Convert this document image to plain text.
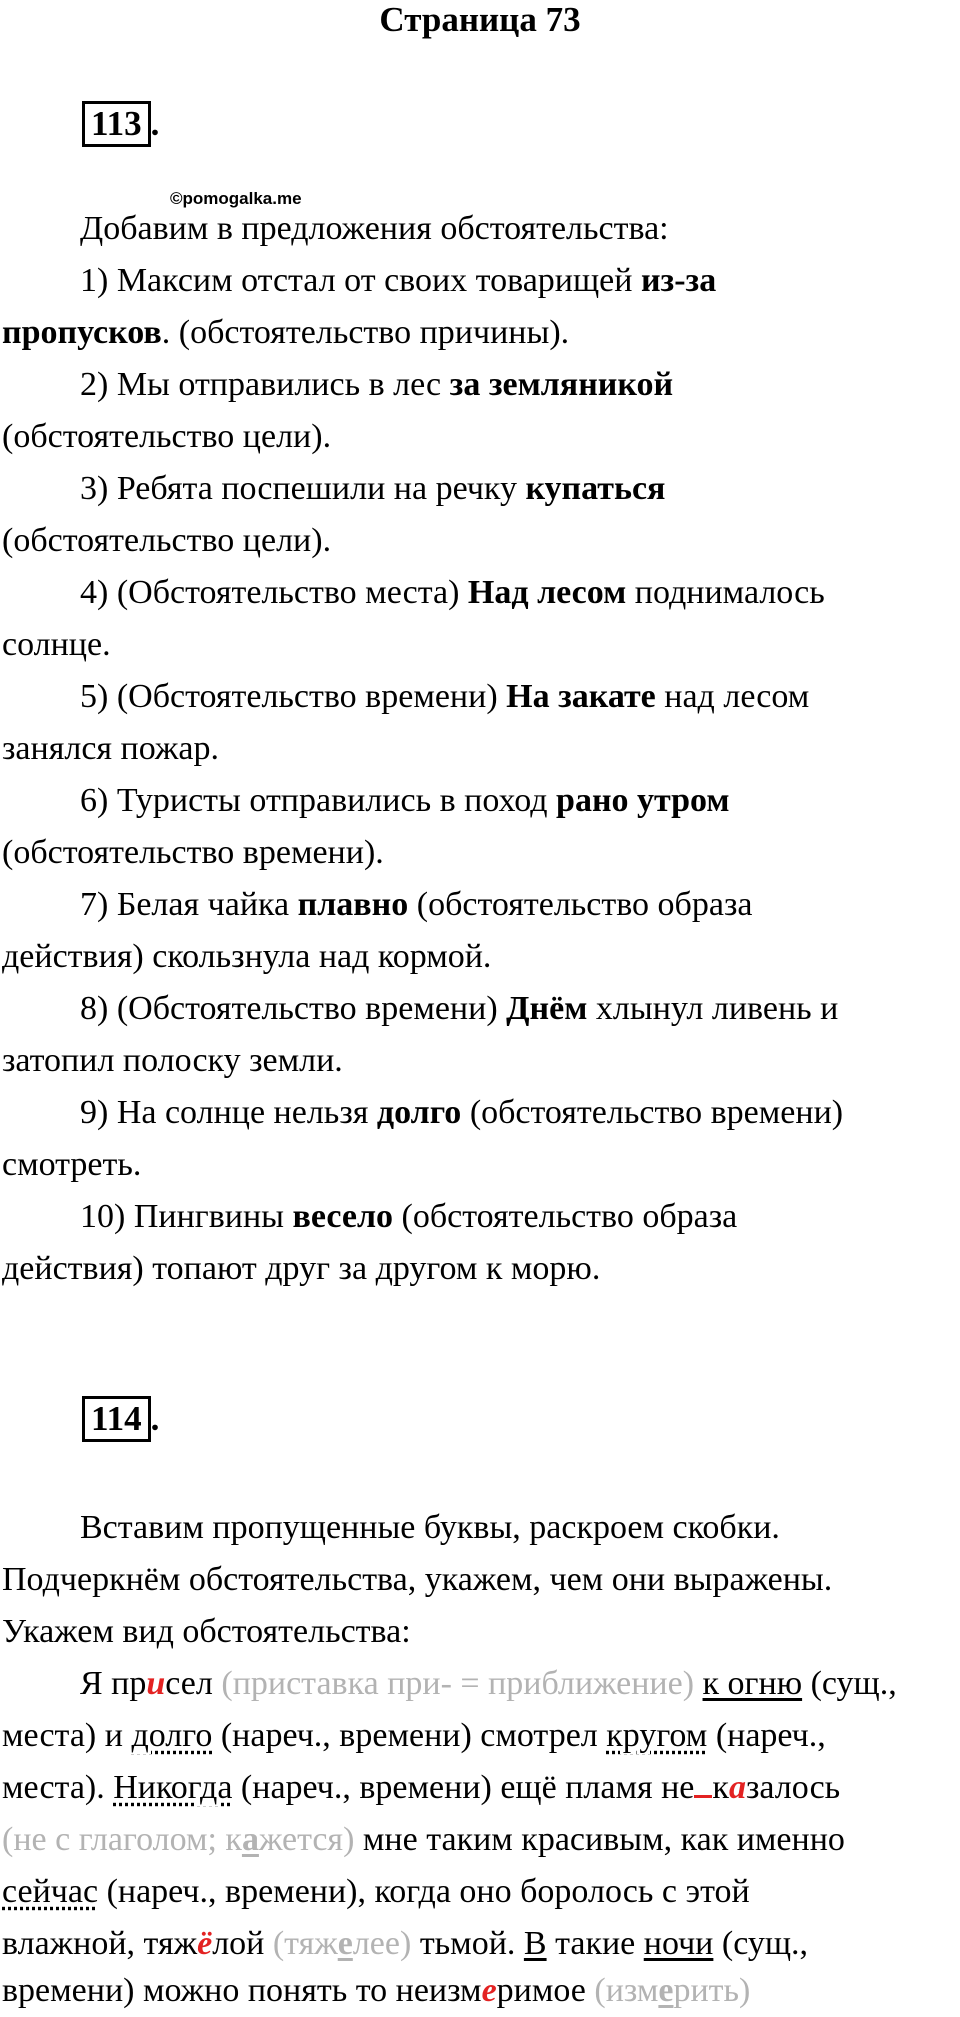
Страница 73
113 .
©pomogalka.me

Добавим в предложения обстоятельства:

1) Максим отстал от своих товарищей из-за

пропусков. (обстоятельство причины).

2) Мы отправились в лес за земляникой

(обстоятельство цели).

3) Ребята поспешили на речку купаться

(обстоятельство цели).

4) (Обстоятельство места) Над лесом поднималось

солнце.

5) (Обстоятельство времени) На закате над лесом

занялся пожар.

6) Туристы отправились в поход рано утром

(обстоятельство времени).

7) Белая чайка плавно (обстоятельство образа

действия) скользнула над кормой.

8) (Обстоятельство времени) Днём хлынул ливень и

затопил полоску земли.

9) На солнце нельзя долго (обстоятельство времени)

смотреть.

10) Пингвины весело (обстоятельство образа

действия) топают друг за другом к морю.

114 .

Вставим пропущенные буквы, раскроем скобки.

Подчеркнём обстоятельства, укажем, чем они выражены.

Укажем вид обстоятельства:

Я присел (приставка при- = приближение) к огню (сущ.,

места) и долго (нареч., времени) смотрел кругом (нареч.,

места). Никогда (нареч., времени) ещё пламя не казалось

(не с глаголом; кажется) мне таким красивым, как именно

сейчас (нареч., времени), когда оно боролось с этой

влажной, тяжёлой (тяжелее) тьмой. В такие ночи (сущ.,

времени) можно понять то неизмеримое (измерить)
